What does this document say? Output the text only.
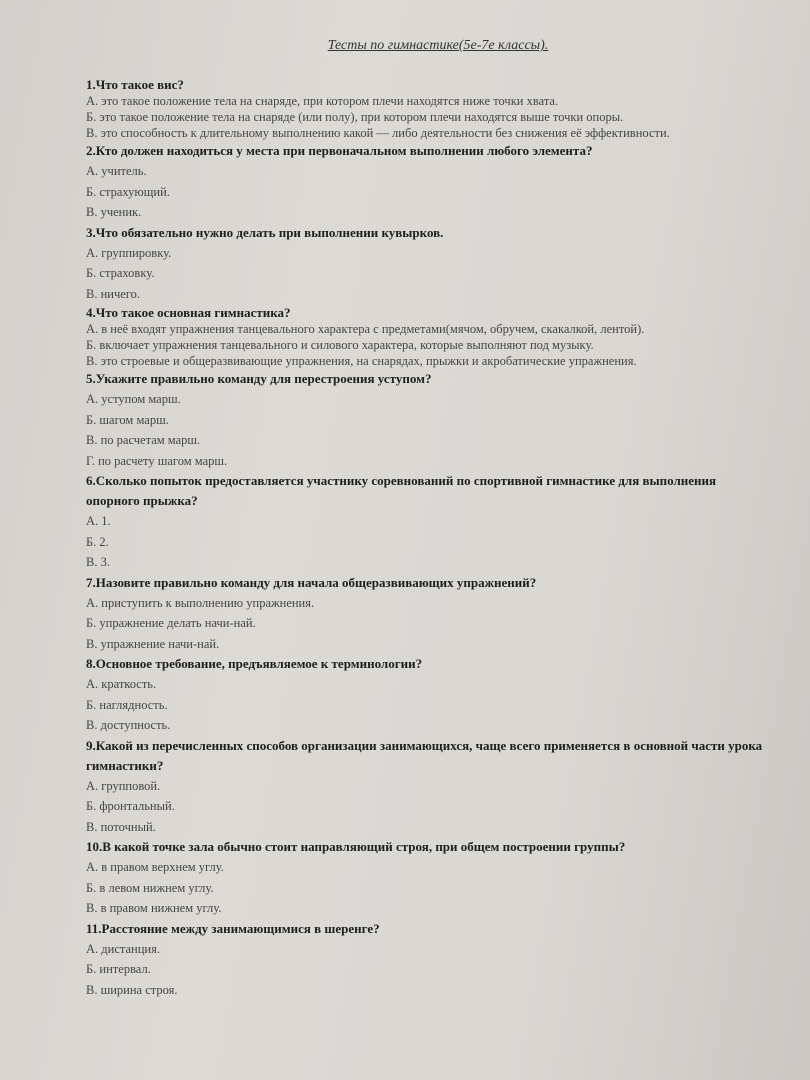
Тесты по гимнастике(5е-7е классы).
1.Что такое вис?
А. это такое положение тела на снаряде, при котором плечи находятся ниже точки хвата.
Б. это такое положение тела на снаряде (или полу), при котором плечи находятся выше точки опоры.
В. это способность к длительному выполнению какой — либо деятельности без снижения её эффективности.
2.Кто должен находиться у места при первоначальном выполнении любого элемента?
А. учитель.
Б. страхующий.
В. ученик.
3.Что обязательно нужно делать при выполнении кувырков.
А. группировку.
Б. страховку.
В. ничего.
4.Что такое основная гимнастика?
А. в неё входят упражнения танцевального характера с предметами(мячом, обручем, скакалкой, лентой).
Б. включает упражнения танцевального и силового характера, которые выполняют под музыку.
В. это строевые и общеразвивающие упражнения, на снарядах, прыжки и акробатические упражнения.
5.Укажите правильно команду для перестроения уступом?
А. уступом марш.
Б. шагом марш.
В. по расчетам марш.
Г. по расчету шагом марш.
6.Сколько попыток предоставляется участнику соревнований по спортивной гимнастике для выполнения опорного прыжка?
А. 1.
Б. 2.
В. 3.
7.Назовите правильно команду для начала общеразвивающих упражнений?
А. приступить к выполнению упражнения.
Б. упражнение делать начи-най.
В. упражнение начи-най.
8.Основное требование, предъявляемое к терминологии?
А. краткость.
Б. наглядность.
В. доступность.
9.Какой из перечисленных способов организации занимающихся, чаще всего применяется в основной части урока гимнастики?
А. групповой.
Б. фронтальный.
В. поточный.
10.В какой точке зала обычно стоит направляющий строя, при общем построении группы?
А. в правом верхнем углу.
Б. в левом нижнем углу.
В. в правом нижнем углу.
11.Расстояние между занимающимися в шеренге?
А. дистанция.
Б. интервал.
В. ширина строя.
